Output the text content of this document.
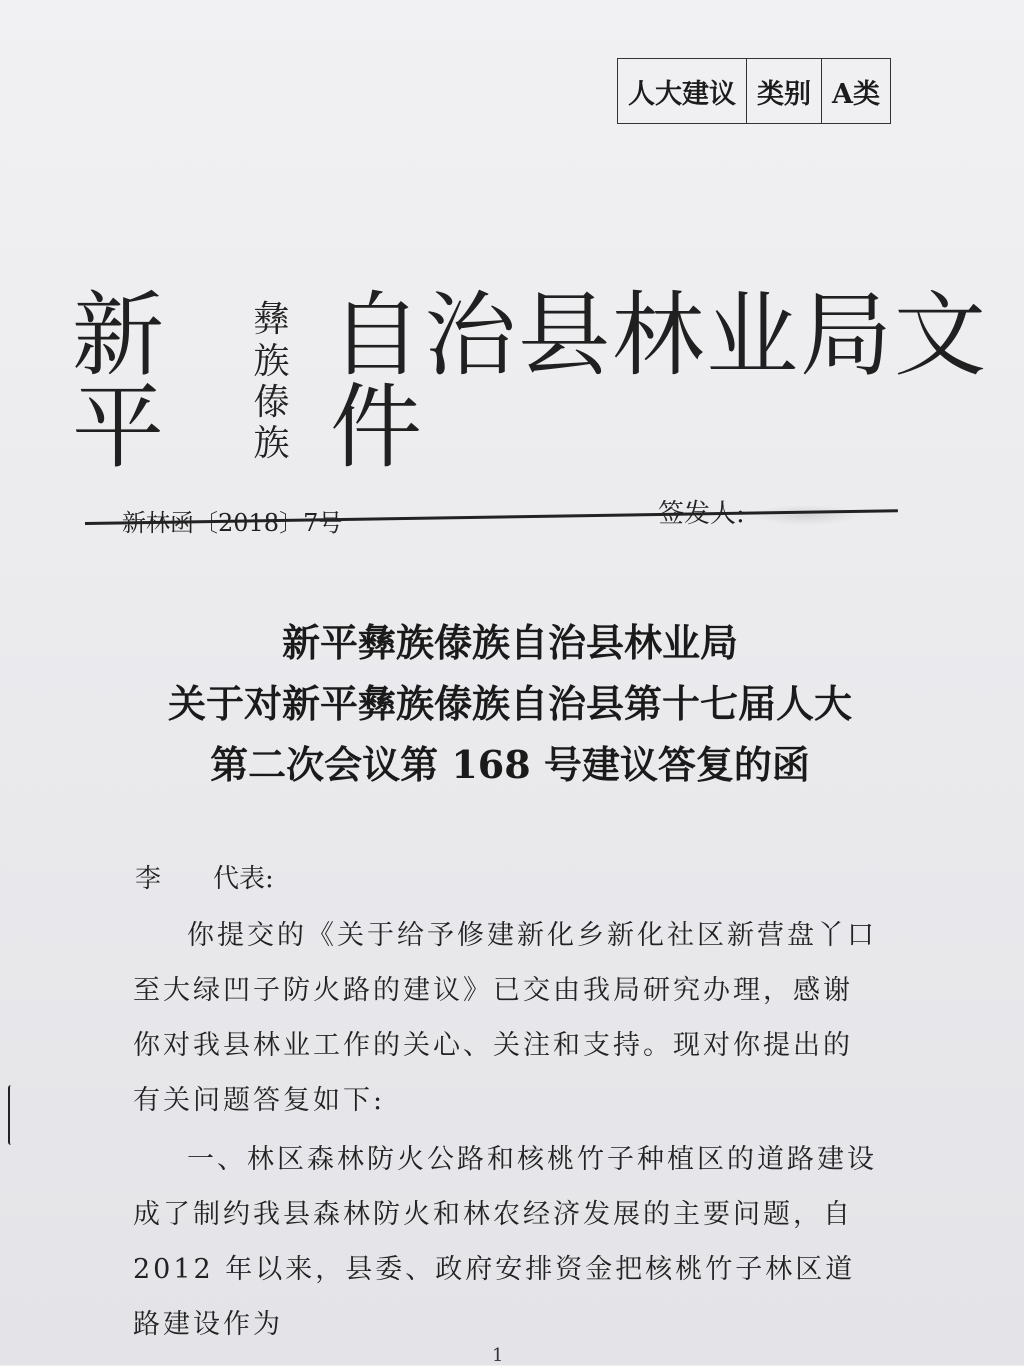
人大建议 类别 A类
新平
彝族
傣族
自治县林业局文件
新林函〔2018〕7号	签发人:
新平彝族傣族自治县林业局
关于对新平彝族傣族自治县第十七届人大
第二次会议第 168 号建议答复的函
李 代表:

你提交的《关于给予修建新化乡新化社区新营盘丫口至大绿凹子防火路的建议》已交由我局研究办理，感谢你对我县林业工作的关心、关注和支持。现对你提出的有关问题答复如下:

一、林区森林防火公路和核桃竹子种植区的道路建设成了制约我县森林防火和林农经济发展的主要问题，自 2012 年以来，县委、政府安排资金把核桃竹子林区道路建设作为

1
